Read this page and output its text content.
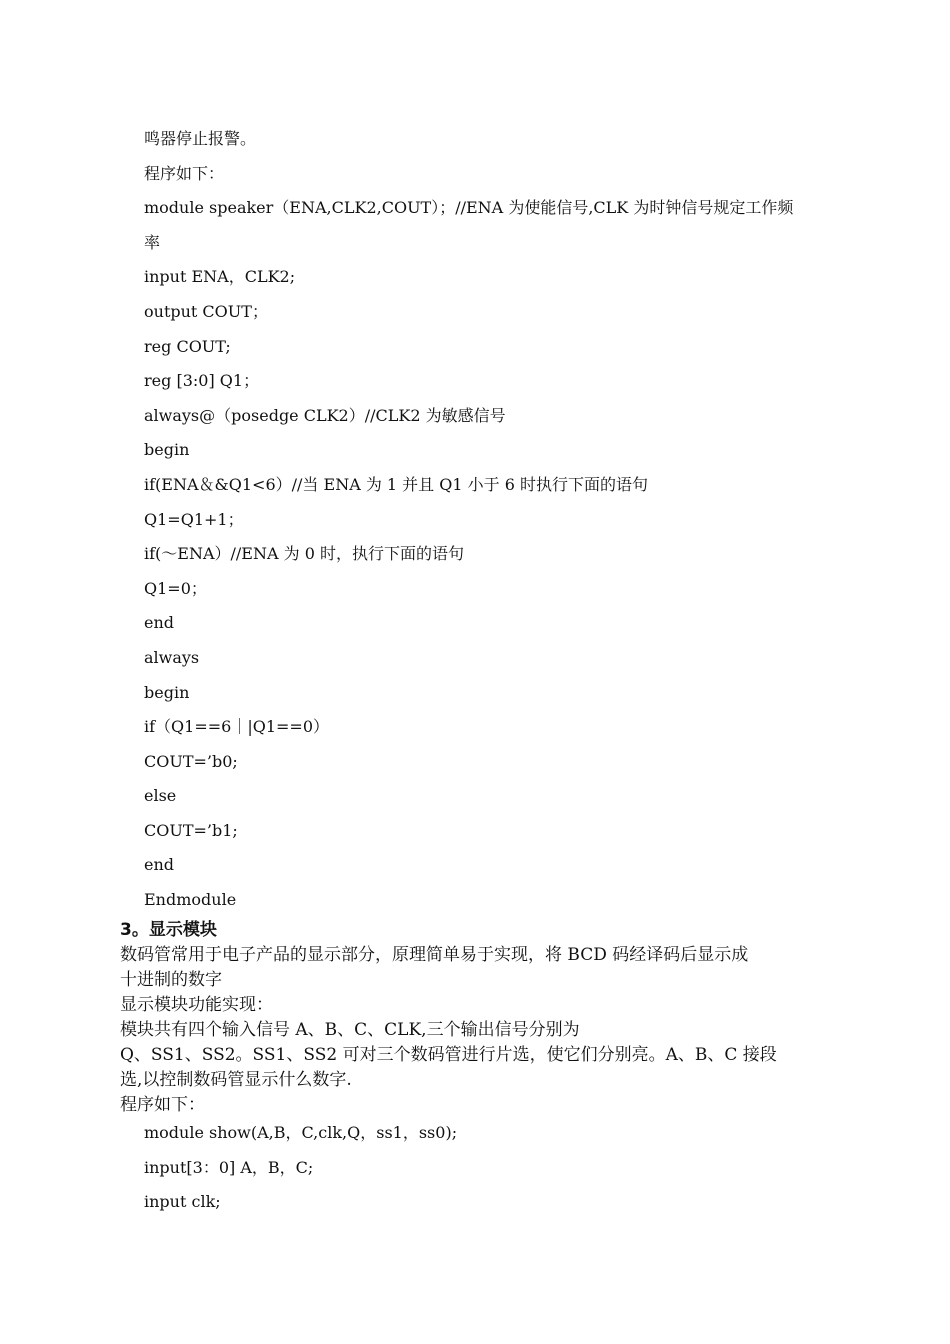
鸣器停止报警。
程序如下：
module speaker（ENA,CLK2,COUT）；//ENA 为使能信号,CLK 为时钟信号规定工作频
率
input ENA，CLK2;
output COUT；
reg COUT;
reg [3:0] Q1；
always@（posedge CLK2）//CLK2 为敏感信号
begin
if(ENA＆&Q1<6）//当 ENA 为 1 并且 Q1 小于 6 时执行下面的语句
Q1=Q1+1；
if(～ENA）//ENA 为 0 时，执行下面的语句
Q1=0；
end
always
begin
if（Q1==6｜|Q1==0）
COUT=’b0;
else
COUT=’b1;
end
Endmodule
3。显示模块
数码管常用于电子产品的显示部分，原理简单易于实现，将 BCD 码经译码后显示成
十进制的数字
显示模块功能实现：
模块共有四个输入信号 A、B、C、CLK,三个输出信号分别为
Q、SS1、SS2。SS1、SS2 可对三个数码管进行片选，使它们分别亮。A、B、C 接段
选,以控制数码管显示什么数字.
程序如下：
module show(A,B，C,clk,Q，ss1，ss0);
input[3：0] A，B，C;
input clk;
